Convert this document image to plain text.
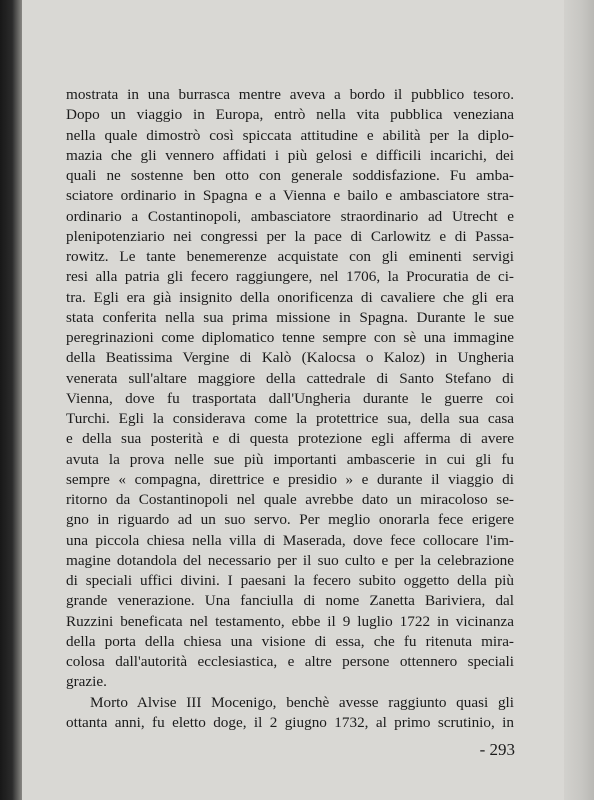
mostrata in una burrasca mentre aveva a bordo il pubblico tesoro.
Dopo un viaggio in Europa, entrò nella vita pubblica veneziana
nella quale dimostrò così spiccata attitudine e abilità per la diplo-
mazia che gli vennero affidati i più gelosi e difficili incarichi, dei
quali ne sostenne ben otto con generale soddisfazione. Fu amba-
sciatore ordinario in Spagna e a Vienna e bailo e ambasciatore stra-
ordinario a Costantinopoli, ambasciatore straordinario ad Utrecht e
plenipotenziario nei congressi per la pace di Carlowitz e di Passa-
rowitz. Le tante benemerenze acquistate con gli eminenti servigi
resi alla patria gli fecero raggiungere, nel 1706, la Procuratia de ci-
tra. Egli era già insignito della onorificenza di cavaliere che gli era
stata conferita nella sua prima missione in Spagna. Durante le sue
peregrinazioni come diplomatico tenne sempre con sè una immagine
della Beatissima Vergine di Kalò (Kalocsa o Kaloz) in Ungheria
venerata sull'altare maggiore della cattedrale di Santo Stefano di
Vienna, dove fu trasportata dall'Ungheria durante le guerre coi
Turchi. Egli la considerava come la protettrice sua, della sua casa
e della sua posterità e di questa protezione egli afferma di avere
avuta la prova nelle sue più importanti ambascerie in cui gli fu
sempre « compagna, direttrice e presidio » e durante il viaggio di
ritorno da Costantinopoli nel quale avrebbe dato un miracoloso se-
gno in riguardo ad un suo servo. Per meglio onorarla fece erigere
una piccola chiesa nella villa di Maserada, dove fece collocare l'im-
magine dotandola del necessario per il suo culto e per la celebrazione
di speciali uffici divini. I paesani la fecero subito oggetto della più
grande venerazione. Una fanciulla di nome Zanetta Bariviera, dal
Ruzzini beneficata nel testamento, ebbe il 9 luglio 1722 in vicinanza
della porta della chiesa una visione di essa, che fu ritenuta mira-
colosa dall'autorità ecclesiastica, e altre persone ottennero speciali
grazie.
Morto Alvise III Mocenigo, benchè avesse raggiunto quasi gli
ottanta anni, fu eletto doge, il 2 giugno 1732, al primo scrutinio, in
- 293
